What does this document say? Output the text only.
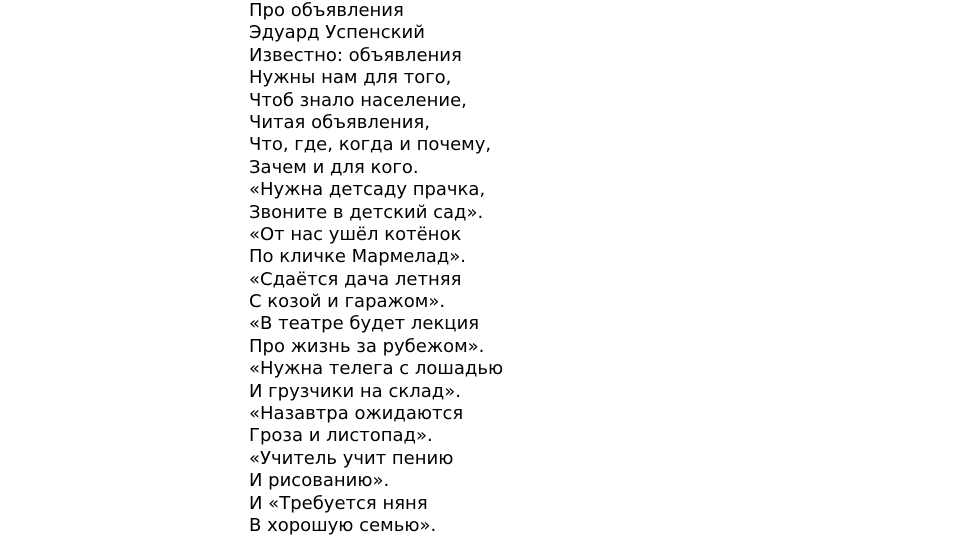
Про объявления
Эдуард Успенский
Известно: объявления
Нужны нам для того,
Чтоб знало население,
Читая объявления,
Что, где, когда и почему,
Зачем и для кого.
«Нужна детсаду прачка,
Звоните в детский сад».
«От нас ушёл котёнок
По кличке Мармелад».
«Сдаётся дача летняя
С козой и гаражом».
«В театре будет лекция
Про жизнь за рубежом».
«Нужна телега с лошадью
И грузчики на склад».
«Назавтра ожидаются
Гроза и листопад».
«Учитель учит пению
И рисованию».
И «Требуется няня
В хорошую семью».
